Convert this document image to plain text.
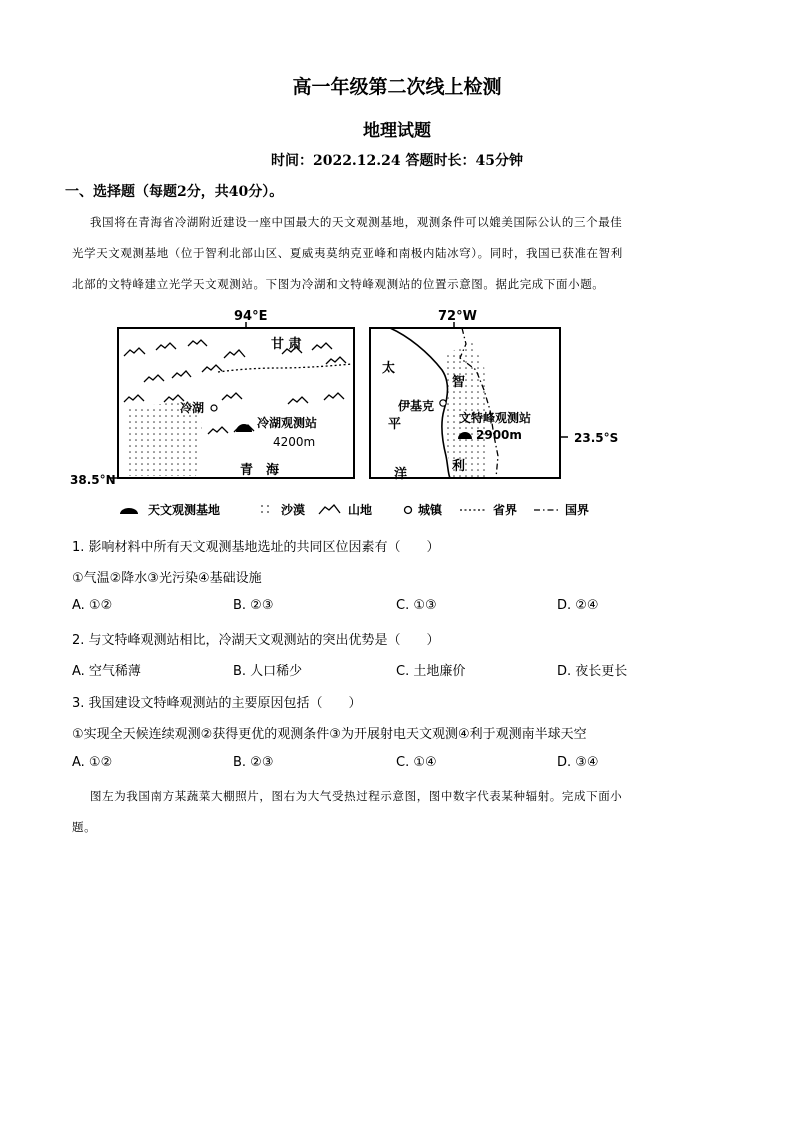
高一年级第二次线上检测
地理试题
时间：2022.12.24 答题时长：45分钟
一、选择题（每题2分，共40分）。
我国将在青海省冷湖附近建设一座中国最大的天文观测基地，观测条件可以媲美国际公认的三个最佳
光学天文观测基地（位于智利北部山区、夏威夷莫纳克亚峰和南极内陆冰穹）。同时，我国已获准在智利
北部的文特峰建立光学天文观测站。下图为冷湖和文特峰观测站的位置示意图。据此完成下面小题。
94°E
38.5°N
甘 肃
冷湖
冷湖观测站
4200m
青　海
72°W
23.5°S
太
平
洋
智
利
伊基克
文特峰观测站
2900m
天文观测基地	沙漠	山地	城镇	省界	国界
1. 影响材料中所有天文观测基地选址的共同区位因素有（　　）
①气温②降水③光污染④基础设施
A. ①②	B. ②③	C. ①③	D. ②④
2. 与文特峰观测站相比，冷湖天文观测站的突出优势是（　　）
A. 空气稀薄	B. 人口稀少	C. 土地廉价	D. 夜长更长
3. 我国建设文特峰观测站的主要原因包括（　　）
①实现全天候连续观测②获得更优的观测条件③为开展射电天文观测④利于观测南半球天空
A. ①②	B. ②③	C. ①④	D. ③④
图左为我国南方某蔬菜大棚照片，图右为大气受热过程示意图，图中数字代表某种辐射。完成下面小
题。
